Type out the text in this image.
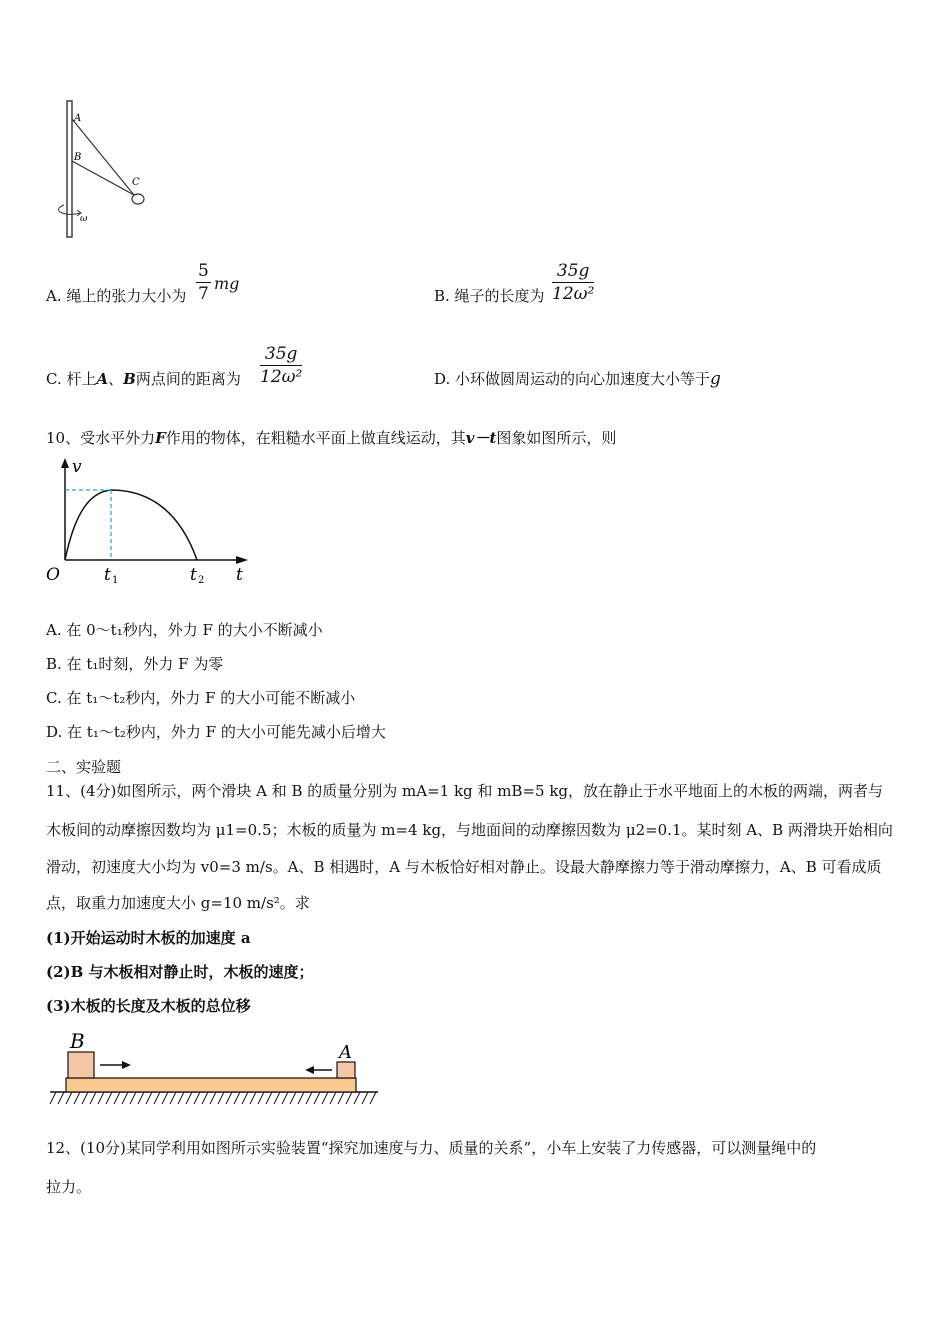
A
B
C
ω
A. 绳上的张力大小为 $\frac{5}{7}$ mg
B. 绳子的长度为 $\frac{35g}{\text{12ω²}}$
C. 杆上A、B两点间的距离为 $\frac{35g}{\text{12ω²}}$	D. 小环做圆周运动的向心加速度大小等于g
10、受水平外力F作用的物体，在粗糙水平面上做直线运动，其v－t图象如图所示，则
v
O	t 1	t 2 t
A. 在 0～t₁秒内，外力 F 的大小不断减小
B. 在 t₁时刻，外力 F 为零
C. 在 t₁～t₂秒内，外力 F 的大小可能不断减小
D. 在 t₁～t₂秒内，外力 F 的大小可能先减小后增大
二、实验题
11、(4分)如图所示，两个滑块 A 和 B 的质量分别为 mA=1 kg 和 mB=5 kg，放在静止于水平地面上的木板的两端，两者与
木板间的动摩擦因数均为 μ1=0.5；木板的质量为 m=4 kg，与地面间的动摩擦因数为 μ2=0.1。某时刻 A、B 两滑块开始相向
滑动，初速度大小均为 v0=3 m/s。A、B 相遇时，A 与木板恰好相对静止。设最大静摩擦力等于滑动摩擦力，A、B 可看成质
点，取重力加速度大小 g=10 m/s²。求
(1)开始运动时木板的加速度 a
(2)B 与木板相对静止时，木板的速度；
(3)木板的长度及木板的总位移
B	A
12、(10分)某同学利用如图所示实验装置“探究加速度与力、质量的关系”，小车上安装了力传感器，可以测量绳中的
拉力。
